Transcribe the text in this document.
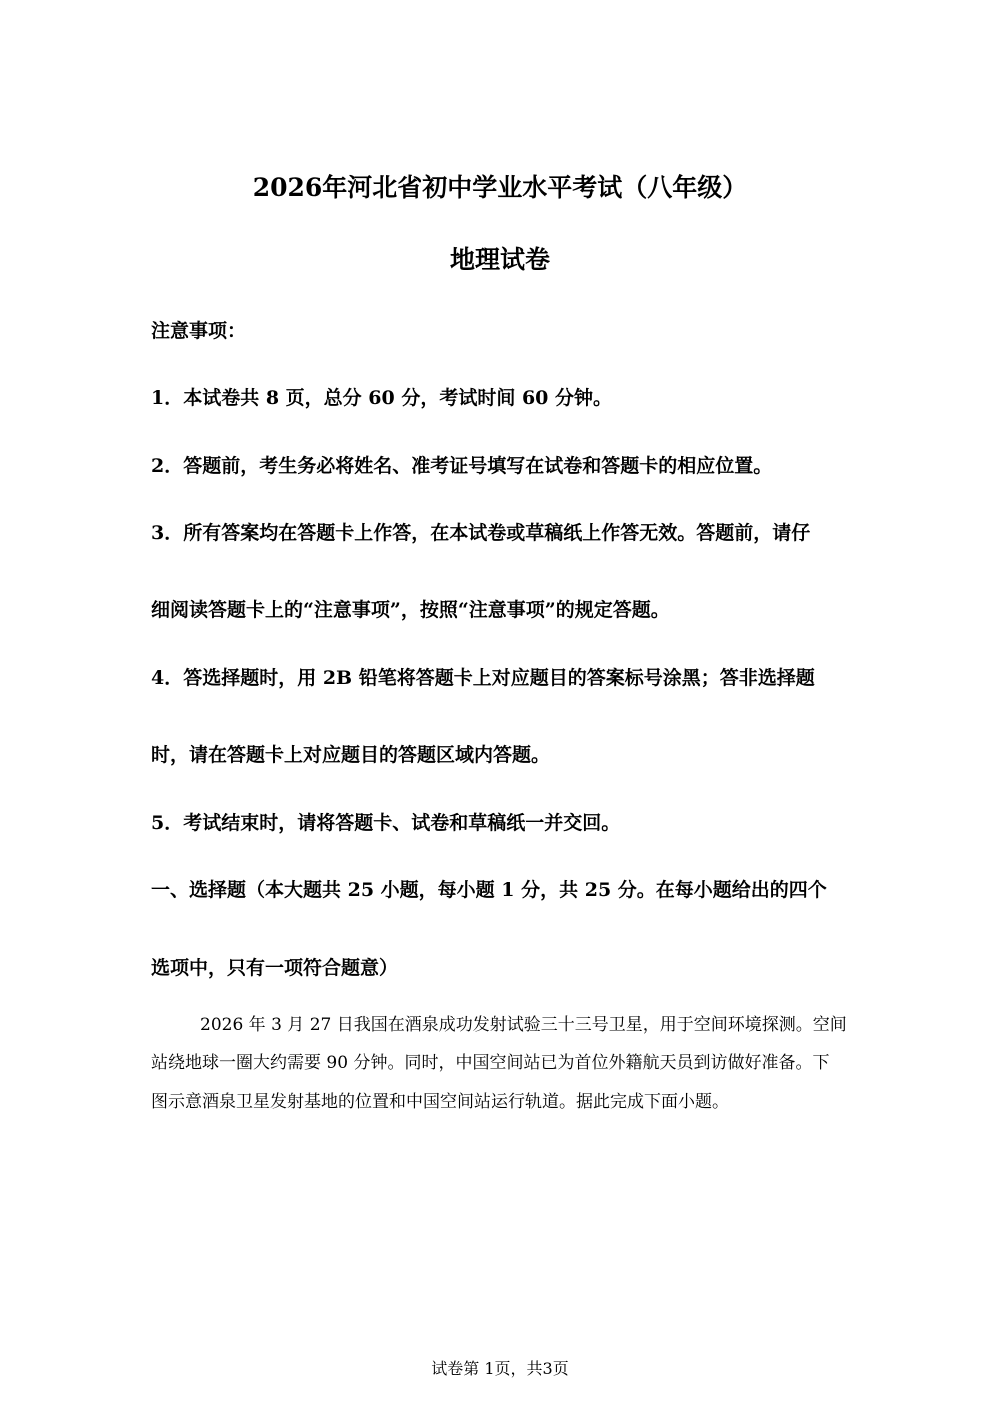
2026年河北省初中学业水平考试（八年级）
地理试卷
注意事项：
1．本试卷共 8 页，总分 60 分，考试时间 60 分钟。
2．答题前，考生务必将姓名、准考证号填写在试卷和答题卡的相应位置。
3．所有答案均在答题卡上作答，在本试卷或草稿纸上作答无效。答题前，请仔
细阅读答题卡上的“注意事项”，按照“注意事项”的规定答题。
4．答选择题时，用 2B 铅笔将答题卡上对应题目的答案标号涂黑；答非选择题
时，请在答题卡上对应题目的答题区域内答题。
5．考试结束时，请将答题卡、试卷和草稿纸一并交回。
一、选择题（本大题共 25 小题，每小题 1 分，共 25 分。在每小题给出的四个
选项中，只有一项符合题意）
2026 年 3 月 27 日我国在酒泉成功发射试验三十三号卫星，用于空间环境探测。空间
站绕地球一圈大约需要 90 分钟。同时，中国空间站已为首位外籍航天员到访做好准备。下
图示意酒泉卫星发射基地的位置和中国空间站运行轨道。据此完成下面小题。
试卷第 1页，共3页
